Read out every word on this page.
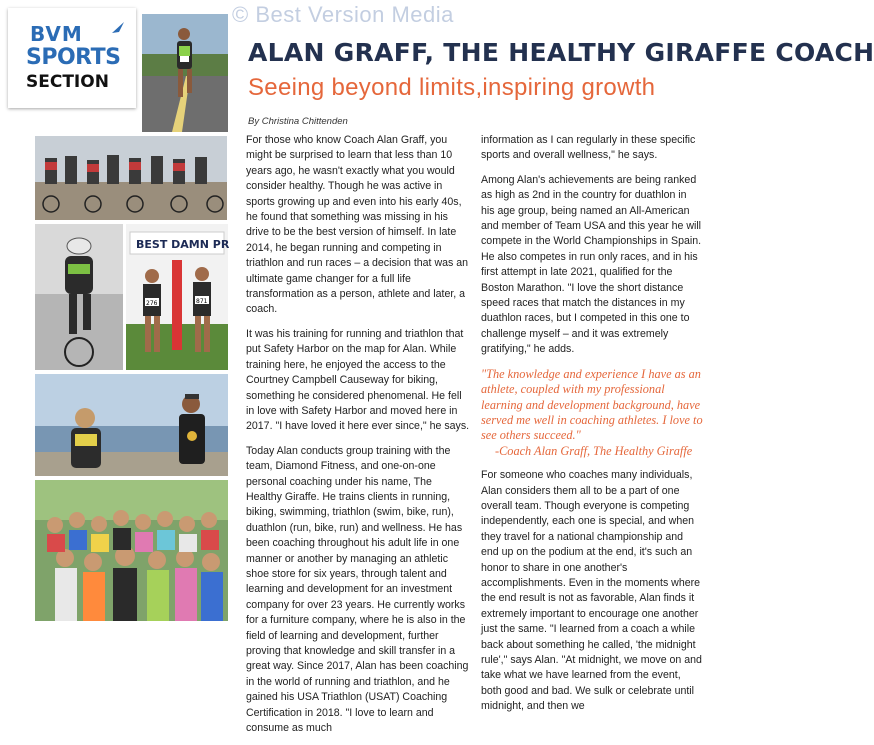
© Best Version Media
BVM
SPORTS
SECTION
BEST DAMN PR
276	871
ALAN GRAFF, THE HEALTHY GIRAFFE COACH
Seeing beyond limits,inspiring growth
By Christina Chittenden

For those who know Coach Alan Graff, you might be surprised to learn that less than 10 years ago, he wasn't exactly what you would consider healthy. Though he was active in sports growing up and even into his early 40s, he found that something was missing in his drive to be the best version of himself. In late 2014, he began running and competing in triathlon and run races – a decision that was an ultimate game changer for a full life transformation as a person, athlete and later, a coach.

It was his training for running and triathlon that put Safety Harbor on the map for Alan. While training here, he enjoyed the access to the Courtney Campbell Causeway for biking, something he considered phenomenal. He fell in love with Safety Harbor and moved here in 2017. "I have loved it here ever since," he says.

Today Alan conducts group training with the team, Diamond Fitness, and one-on-one personal coaching under his name, The Healthy Giraffe. He trains clients in running, biking, swimming, triathlon (swim, bike, run), duathlon (run, bike, run) and wellness. He has been coaching throughout his adult life in one manner or another by managing an athletic shoe store for six years, through talent and learning and development for an investment company for over 23 years. He currently works for a furniture company, where he is also in the field of learning and development, further proving that knowledge and skill transfer in a great way. Since 2017, Alan has been coaching in the world of running and triathlon, and he gained his USA Triathlon (USAT) Coaching Certification in 2018. "I love to learn and consume as much

information as I can regularly in these specific sports and overall wellness," he says.

Among Alan's achievements are being ranked as high as 2nd in the country for duathlon in his age group, being named an All-American and member of Team USA and this year he will compete in the World Championships in Spain. He also competes in run only races, and in his first attempt in late 2021, qualified for the Boston Marathon. "I love the short distance speed races that match the distances in my duathlon races, but I competed in this one to challenge myself – and it was extremely gratifying," he adds.

"The knowledge and experience I have as an athlete, coupled with my professional learning and development background, have served me well in coaching athletes. I love to see others succeed."
-Coach Alan Graff, The Healthy Giraffe

For someone who coaches many individuals, Alan considers them all to be a part of one overall team. Though everyone is competing independently, each one is special, and when they travel for a national championship and end up on the podium at the end, it's such an honor to share in one another's accomplishments. Even in the moments where the end result is not as favorable, Alan finds it extremely important to encourage one another just the same. "I learned from a coach a while back about something he called, 'the midnight rule'," says Alan. "At midnight, we move on and take what we have learned from the event, both good and bad. We sulk or celebrate until midnight, and then we
